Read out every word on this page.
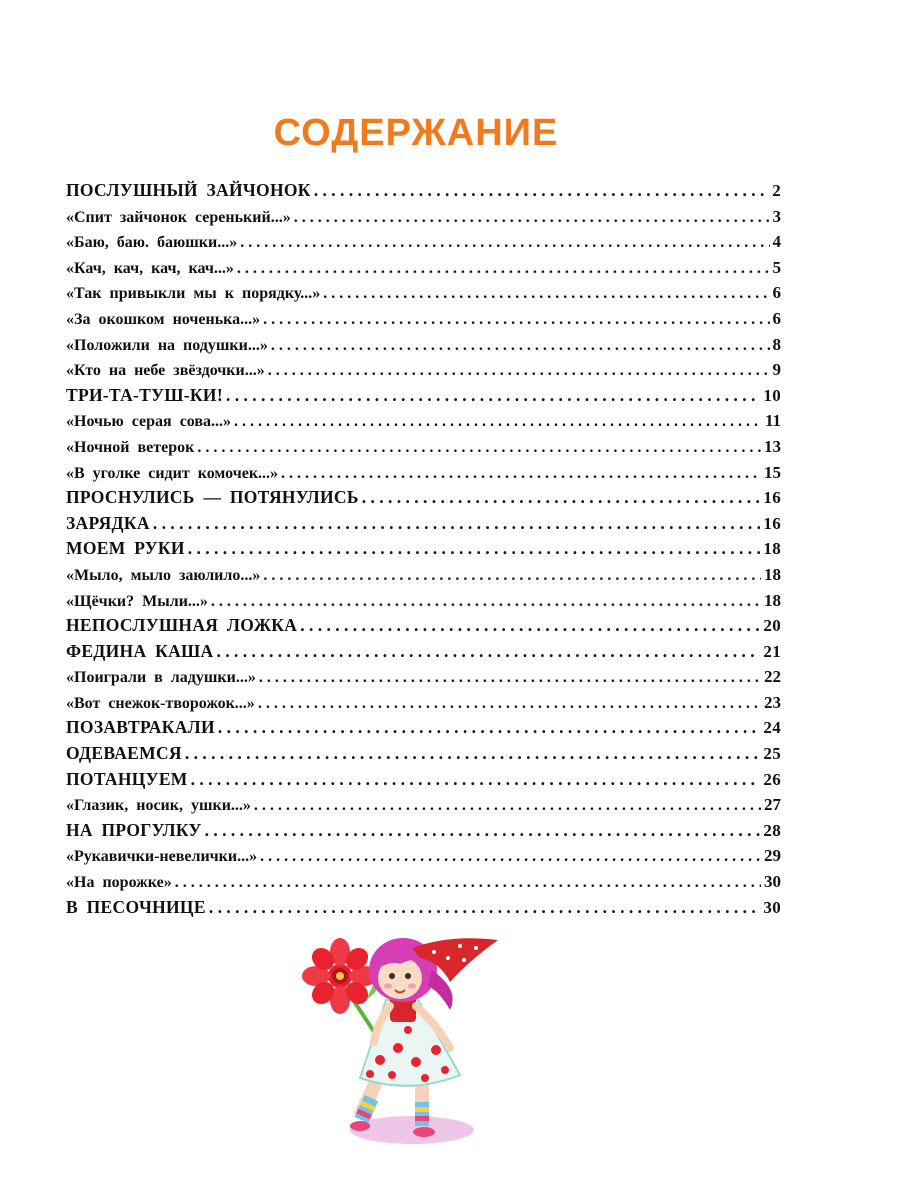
СОДЕРЖАНИЕ
ПОСЛУШНЫЙ ЗАЙЧОНОК . . .	2
«Спит зайчонок серенький...» . . .	3
«Баю, баю. баюшки...» . . .	4
«Кач, кач, кач, кач...» . . .	5
«Так привыкли мы к порядку...» . . .	6
«За окошком ноченька...» . . .	6
«Положили на подушки...» . . .	8
«Кто на небе звёздочки...» . . .	9
ТРИ-ТА-ТУШ-КИ! . . .	10
«Ночью серая сова...» . . .	11
«Ночной ветерок . . .	13
«В уголке сидит комочек...» . . .	15
ПРОСНУЛИСЬ — ПОТЯНУЛИСЬ . . .	16
ЗАРЯДКА . . .	16
МОЕМ РУКИ . . .	18
«Мыло, мыло заюлило...» . . .	18
«Щёчки? Мыли...» . . .	18
НЕПОСЛУШНАЯ ЛОЖКА . . .	20
ФЕДИНА КАША . . .	21
«Поиграли в ладушки...» . . .	22
«Вот снежок-творожок...» . . .	23
ПОЗАВТРАКАЛИ . . .	24
ОДЕВАЕМСЯ . . .	25
ПОТАНЦУЕМ . . .	26
«Глазик, носик, ушки...» . . .	27
НА ПРОГУЛКУ . . .	28
«Рукавички-невелички...» . . .	29
«На порожке» . . .	30
В ПЕСОЧНИЦЕ . . .	30
